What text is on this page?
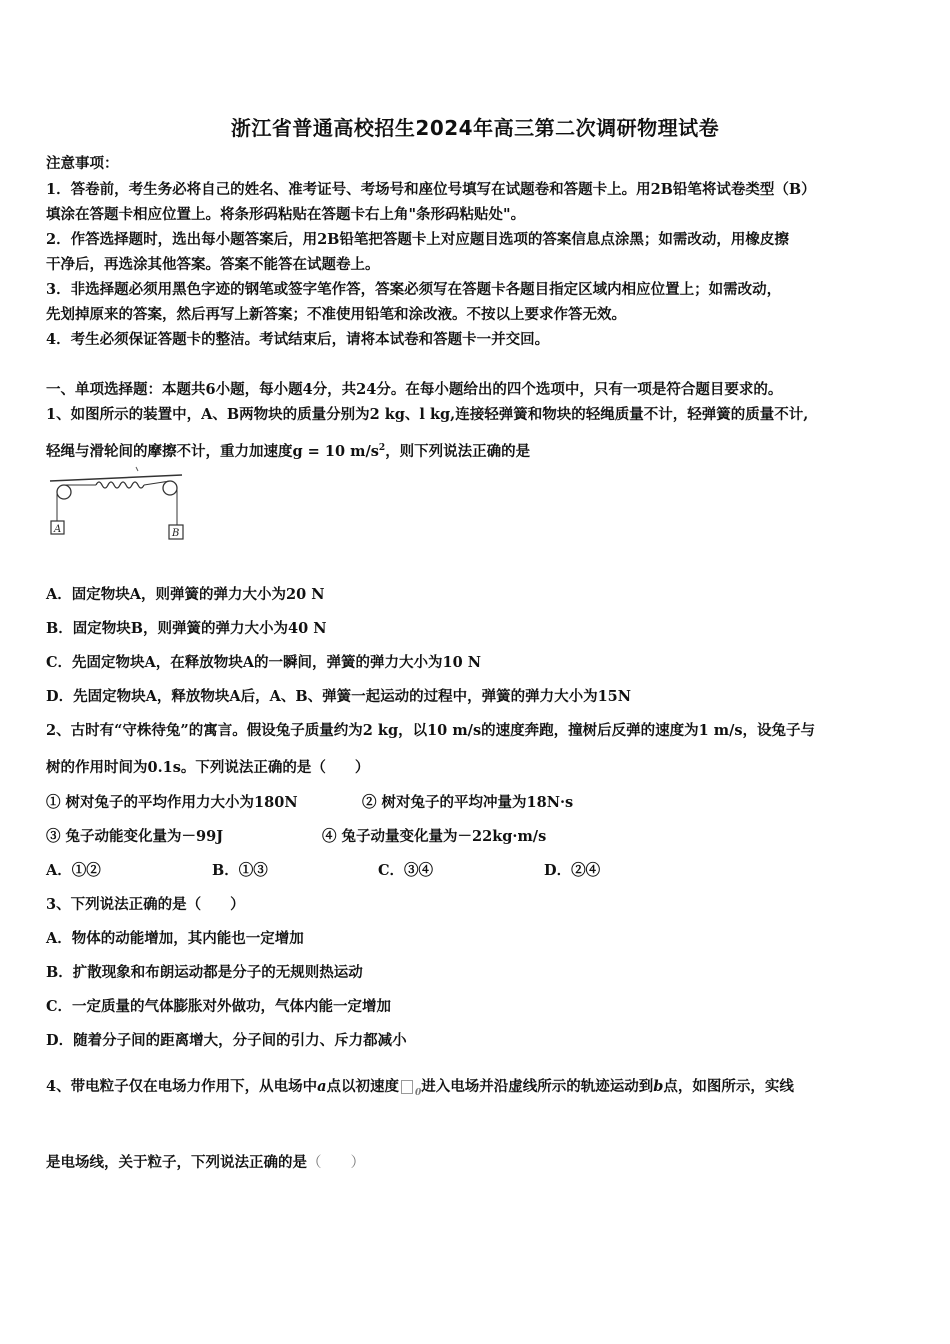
浙江省普通高校招生2024年高三第二次调研物理试卷
注意事项：
1．答卷前，考生务必将自己的姓名、准考证号、考场号和座位号填写在试题卷和答题卡上。用2B铅笔将试卷类型（B）
填涂在答题卡相应位置上。将条形码粘贴在答题卡右上角"条形码粘贴处"。
2．作答选择题时，选出每小题答案后，用2B铅笔把答题卡上对应题目选项的答案信息点涂黑；如需改动，用橡皮擦
干净后，再选涂其他答案。答案不能答在试题卷上。
3．非选择题必须用黑色字迹的钢笔或签字笔作答，答案必须写在答题卡各题目指定区域内相应位置上；如需改动，
先划掉原来的答案，然后再写上新答案；不准使用铅笔和涂改液。不按以上要求作答无效。
4．考生必须保证答题卡的整洁。考试结束后，请将本试卷和答题卡一并交回。
一、单项选择题：本题共6小题，每小题4分，共24分。在每小题给出的四个选项中，只有一项是符合题目要求的。
1、如图所示的装置中，A、B两物块的质量分别为2 kg、l kg,连接轻弹簧和物块的轻绳质量不计，轻弹簧的质量不计,
轻绳与滑轮间的摩擦不计，重力加速度g = 10 $m/s^2$，则下列说法正确的是
A	B
A．固定物块A，则弹簧的弹力大小为20 N
B．固定物块B，则弹簧的弹力大小为40 N
C．先固定物块A，在释放物块A的一瞬间，弹簧的弹力大小为10 N
D．先固定物块A，释放物块A后，A、B、弹簧一起运动的过程中，弹簧的弹力大小为15N
2、古时有“守株待兔”的寓言。假设兔子质量约为2 kg，以10 m/s的速度奔跑，撞树后反弹的速度为1 m/s，设兔子与
树的作用时间为0.1s。下列说法正确的是（　　）
① 树对兔子的平均作用力大小为180N	② 树对兔子的平均冲量为18N·s
③ 兔子动能变化量为－99J	④ 兔子动量变化量为－22kg·m/s
A．①②	B．①③	C．③④	D．②④
3、下列说法正确的是（　　）
A．物体的动能增加，其内能也一定增加
B．扩散现象和布朗运动都是分子的无规则热运动
C．一定质量的气体膨胀对外做功，气体内能一定增加
D．随着分子间的距离增大，分子间的引力、斥力都减小
4、带电粒子仅在电场力作用下，从电场中a点以初速度 $_0$进入电场并沿虚线所示的轨迹运动到b点，如图所示，实线
是电场线，关于粒子，下列说法正确的是（　　）
